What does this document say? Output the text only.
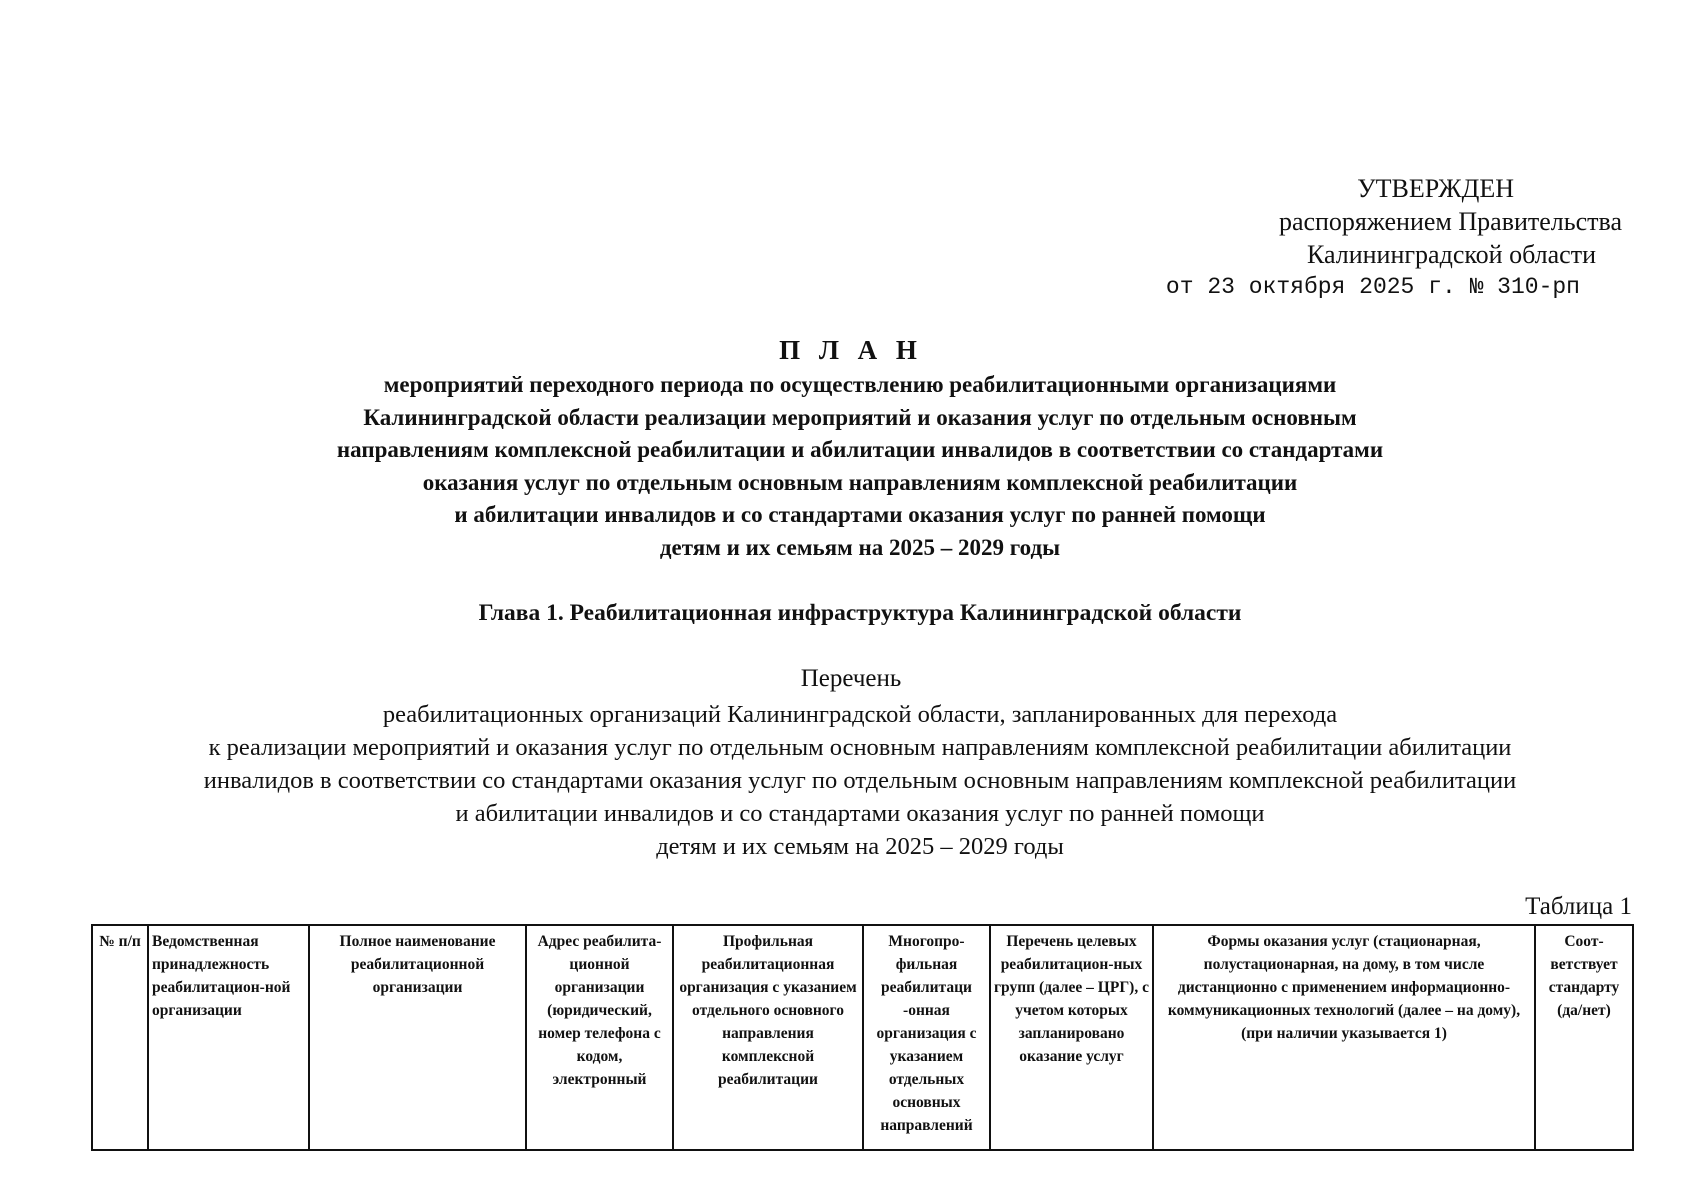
УТВЕРЖДЕН
распоряжением Правительства
Калининградской области
от 23 октября 2025 г. № 310-рп
П Л А Н
мероприятий переходного периода по осуществлению реабилитационными организациями
Калининградской области реализации мероприятий и оказания услуг по отдельным основным
направлениям комплексной реабилитации и абилитации инвалидов в соответствии со стандартами
оказания услуг по отдельным основным направлениям комплексной реабилитации
и абилитации инвалидов и со стандартами оказания услуг по ранней помощи
детям и их семьям на 2025 – 2029 годы
Глава 1. Реабилитационная инфраструктура Калининградской области
Перечень
реабилитационных организаций Калининградской области, запланированных для перехода
к реализации мероприятий и оказания услуг по отдельным основным направлениям комплексной реабилитации абилитации
инвалидов в соответствии со стандартами оказания услуг по отдельным основным направлениям комплексной реабилитации
и абилитации инвалидов и со стандартами оказания услуг по ранней помощи
детям и их семьям на 2025 – 2029 годы
Таблица 1
№ п/п	Ведомственная принадлежность реабилитацион-ной организации	Полное наименование реабилитационной организации	Адрес реабилита-ционной организации (юридический, номер телефона с кодом, электронный	Профильная реабилитационная организация с указанием отдельного основного направления комплексной реабилитации	Многопро-фильная реабилитаци -онная организация с указанием отдельных основных направлений	Перечень целевых реабилитацион-ных групп (далее – ЦРГ), с учетом которых запланировано оказание услуг	Формы оказания услуг (стационарная, полустационарная, на дому, в том числе дистанционно с применением информационно-коммуникационных технологий (далее – на дому), (при наличии указывается 1)	Соот-ветствует стандарту (да/нет)
